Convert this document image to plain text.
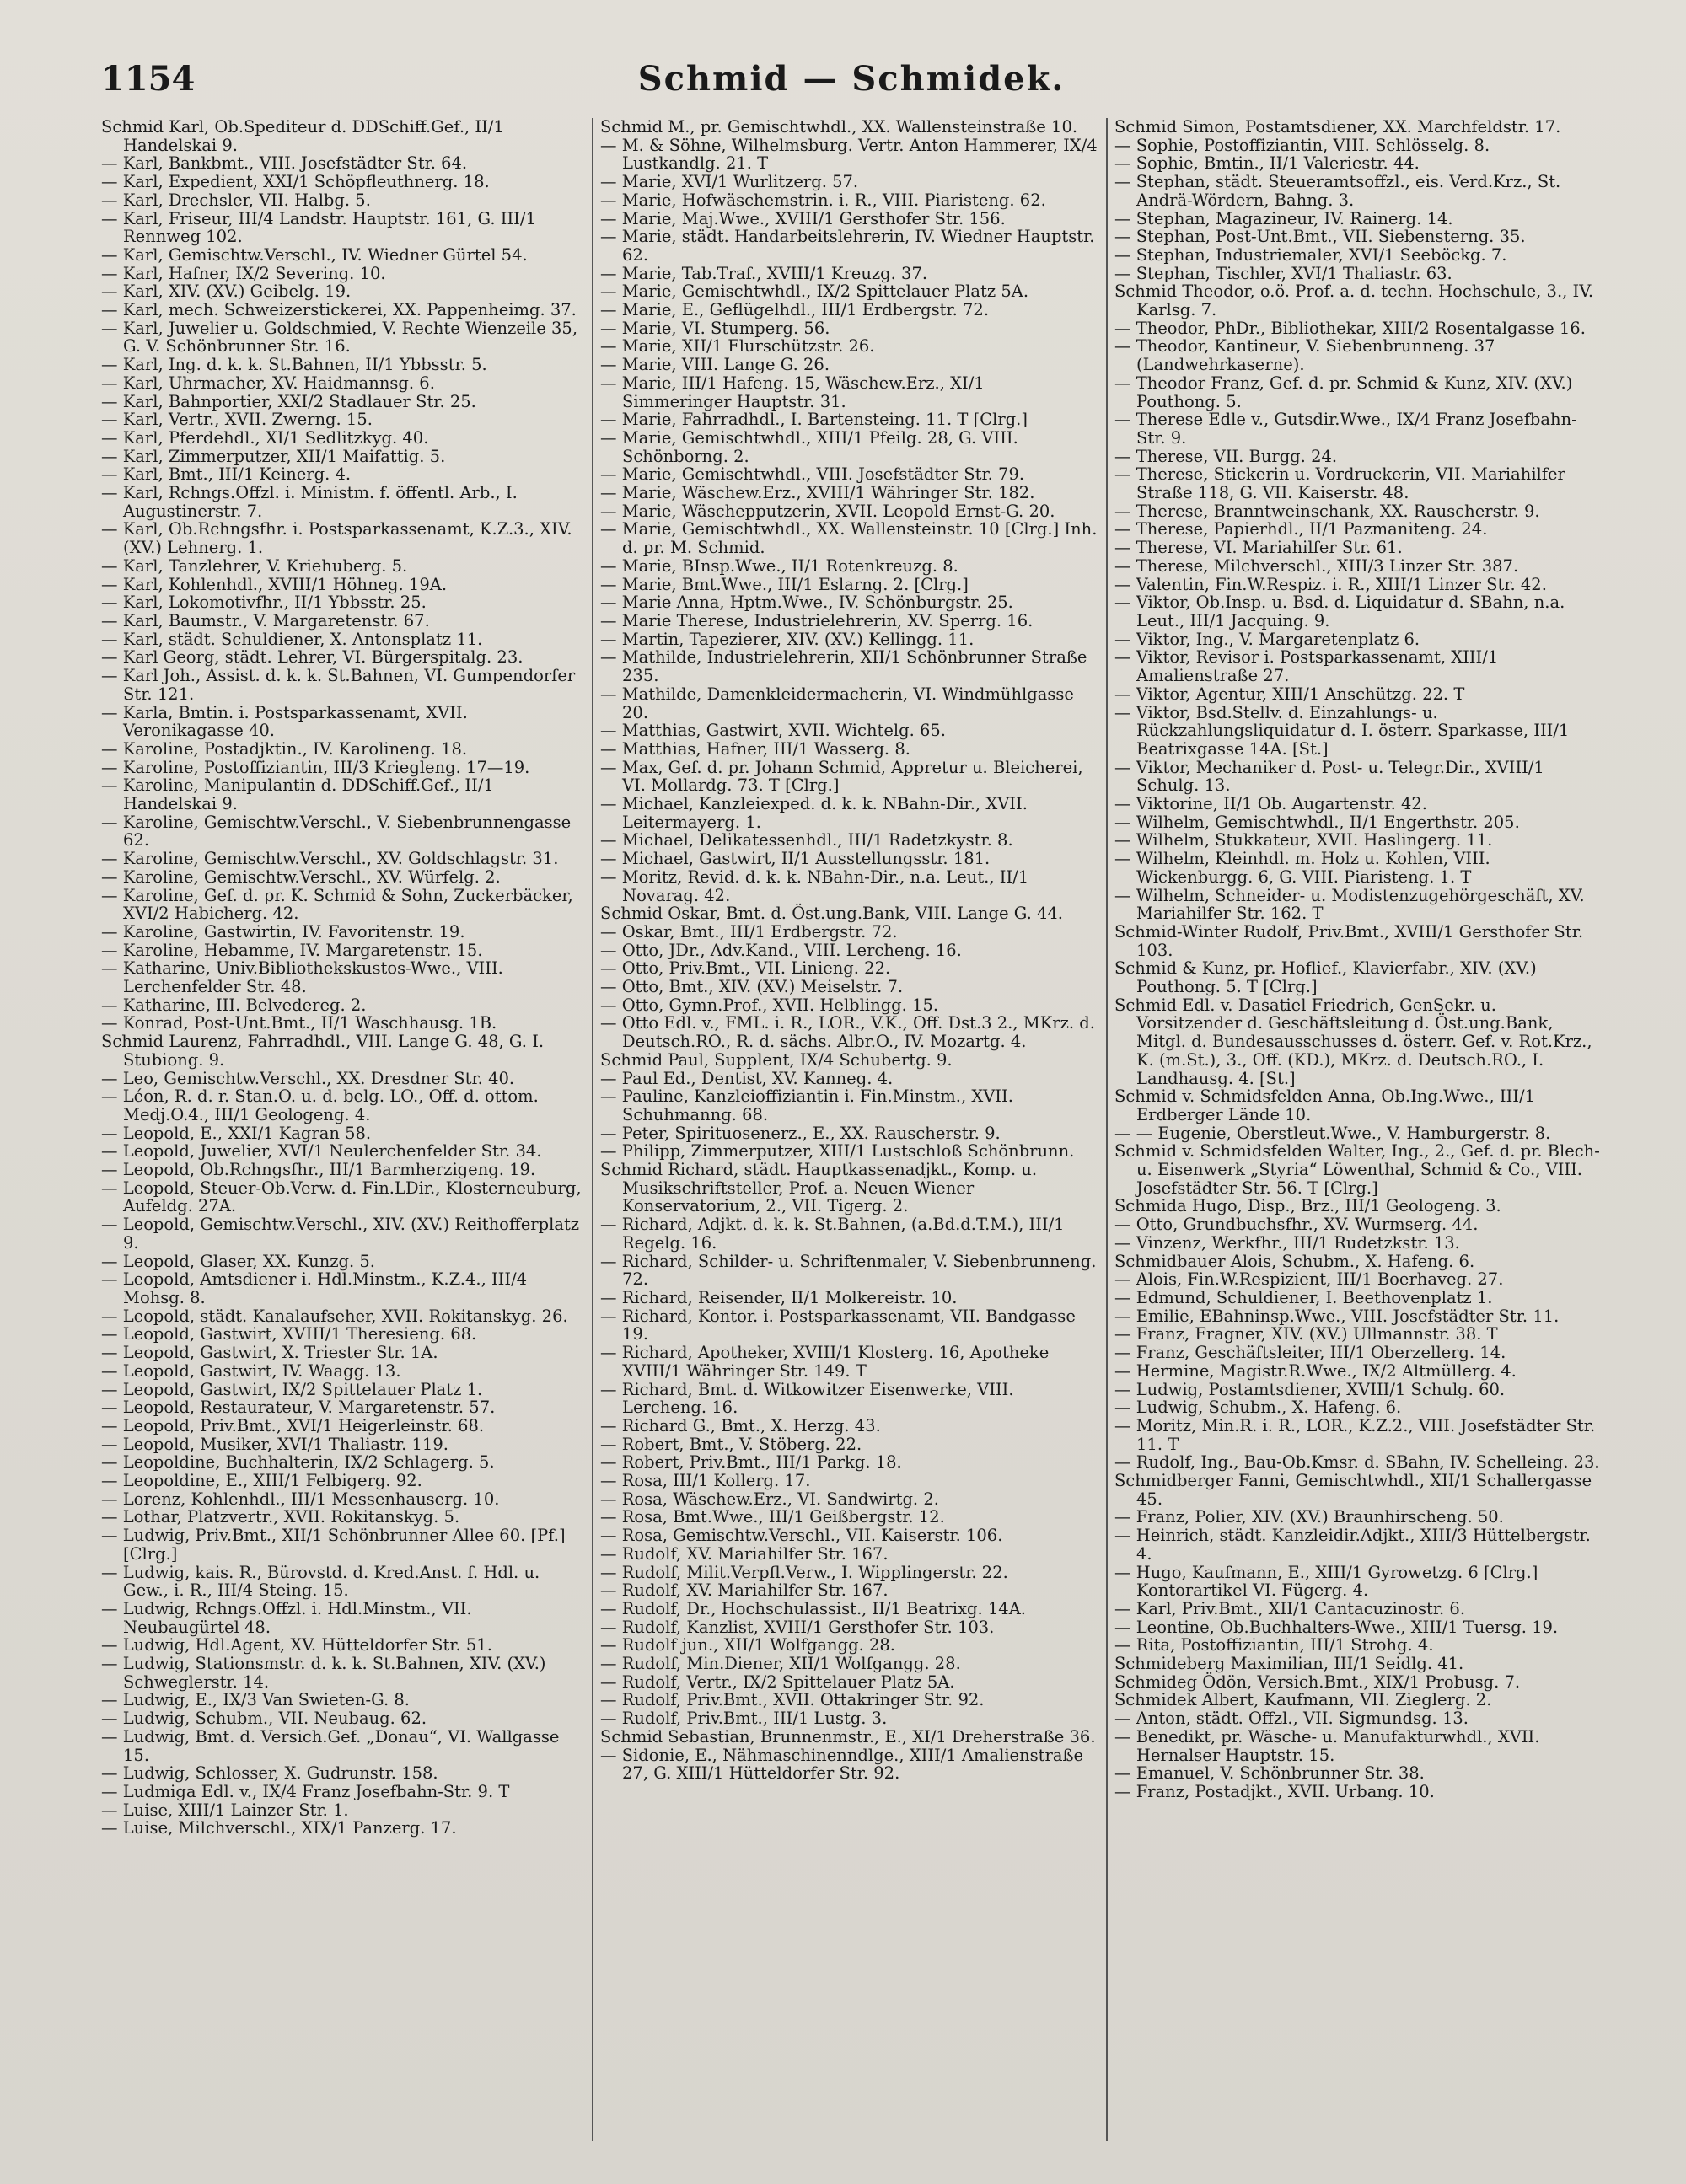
1154	Schmid — Schmidek.

Schmid Karl, Ob.Spediteur d. DDSchiff.Gef., II/1 Handelskai 9.

— Karl, Bankbmt., VIII. Josefstädter Str. 64.

— Karl, Expedient, XXI/1 Schöpfleuthnerg. 18.

— Karl, Drechsler, VII. Halbg. 5.

— Karl, Friseur, III/4 Landstr. Hauptstr. 161, G. III/1 Rennweg 102.

— Karl, Gemischtw.Verschl., IV. Wiedner Gürtel 54.

— Karl, Hafner, IX/2 Severing. 10.

— Karl, XIV. (XV.) Geibelg. 19.

— Karl, mech. Schweizerstickerei, XX. Pappenheimg. 37.

— Karl, Juwelier u. Goldschmied, V. Rechte Wienzeile 35, G. V. Schönbrunner Str. 16.

— Karl, Ing. d. k. k. St.Bahnen, II/1 Ybbsstr. 5.

— Karl, Uhrmacher, XV. Haidmannsg. 6.

— Karl, Bahnportier, XXI/2 Stadlauer Str. 25.

— Karl, Vertr., XVII. Zwerng. 15.

— Karl, Pferdehdl., XI/1 Sedlitzkyg. 40.

— Karl, Zimmerputzer, XII/1 Maifattig. 5.

— Karl, Bmt., III/1 Keinerg. 4.

— Karl, Rchngs.Offzl. i. Ministm. f. öffentl. Arb., I. Augustinerstr. 7.

— Karl, Ob.Rchngsfhr. i. Postsparkassenamt, K.Z.3., XIV. (XV.) Lehnerg. 1.

— Karl, Tanzlehrer, V. Kriehuberg. 5.

— Karl, Kohlenhdl., XVIII/1 Höhneg. 19A.

— Karl, Lokomotivfhr., II/1 Ybbsstr. 25.

— Karl, Baumstr., V. Margaretenstr. 67.

— Karl, städt. Schuldiener, X. Antonsplatz 11.

— Karl Georg, städt. Lehrer, VI. Bürgerspitalg. 23.

— Karl Joh., Assist. d. k. k. St.Bahnen, VI. Gumpendorfer Str. 121.

— Karla, Bmtin. i. Postsparkassenamt, XVII. Veronikagasse 40.

— Karoline, Postadjktin., IV. Karolineng. 18.

— Karoline, Postoffiziantin, III/3 Kriegleng. 17—19.

— Karoline, Manipulantin d. DDSchiff.Gef., II/1 Handelskai 9.

— Karoline, Gemischtw.Verschl., V. Siebenbrunnengasse 62.

— Karoline, Gemischtw.Verschl., XV. Goldschlagstr. 31.

— Karoline, Gemischtw.Verschl., XV. Würfelg. 2.

— Karoline, Gef. d. pr. K. Schmid & Sohn, Zuckerbäcker, XVI/2 Habicherg. 42.

— Karoline, Gastwirtin, IV. Favoritenstr. 19.

— Karoline, Hebamme, IV. Margaretenstr. 15.

— Katharine, Univ.Bibliothekskustos-Wwe., VIII. Lerchenfelder Str. 48.

— Katharine, III. Belvedereg. 2.

— Konrad, Post-Unt.Bmt., II/1 Waschhausg. 1B.

Schmid Laurenz, Fahrradhdl., VIII. Lange G. 48, G. I. Stubiong. 9.

— Leo, Gemischtw.Verschl., XX. Dresdner Str. 40.

— Léon, R. d. r. Stan.O. u. d. belg. LO., Off. d. ottom. Medj.O.4., III/1 Geologeng. 4.

— Leopold, E., XXI/1 Kagran 58.

— Leopold, Juwelier, XVI/1 Neulerchenfelder Str. 34.

— Leopold, Ob.Rchngsfhr., III/1 Barmherzigeng. 19.

— Leopold, Steuer-Ob.Verw. d. Fin.LDir., Klosterneuburg, Aufeldg. 27A.

— Leopold, Gemischtw.Verschl., XIV. (XV.) Reithofferplatz 9.

— Leopold, Glaser, XX. Kunzg. 5.

— Leopold, Amtsdiener i. Hdl.Minstm., K.Z.4., III/4 Mohsg. 8.

— Leopold, städt. Kanalaufseher, XVII. Rokitanskyg. 26.

— Leopold, Gastwirt, XVIII/1 Theresieng. 68.

— Leopold, Gastwirt, X. Triester Str. 1A.

— Leopold, Gastwirt, IV. Waagg. 13.

— Leopold, Gastwirt, IX/2 Spittelauer Platz 1.

— Leopold, Restaurateur, V. Margaretenstr. 57.

— Leopold, Priv.Bmt., XVI/1 Heigerleinstr. 68.

— Leopold, Musiker, XVI/1 Thaliastr. 119.

— Leopoldine, Buchhalterin, IX/2 Schlagerg. 5.

— Leopoldine, E., XIII/1 Felbigerg. 92.

— Lorenz, Kohlenhdl., III/1 Messenhauserg. 10.

— Lothar, Platzvertr., XVII. Rokitanskyg. 5.

— Ludwig, Priv.Bmt., XII/1 Schönbrunner Allee 60. [Pf.] [Clrg.]

— Ludwig, kais. R., Bürovstd. d. Kred.Anst. f. Hdl. u. Gew., i. R., III/4 Steing. 15.

— Ludwig, Rchngs.Offzl. i. Hdl.Minstm., VII. Neubaugürtel 48.

— Ludwig, Hdl.Agent, XV. Hütteldorfer Str. 51.

— Ludwig, Stationsmstr. d. k. k. St.Bahnen, XIV. (XV.) Schweglerstr. 14.

— Ludwig, E., IX/3 Van Swieten-G. 8.

— Ludwig, Schubm., VII. Neubaug. 62.

— Ludwig, Bmt. d. Versich.Gef. „Donau“, VI. Wallgasse 15.

— Ludwig, Schlosser, X. Gudrunstr. 158.

— Ludmiga Edl. v., IX/4 Franz Josefbahn-Str. 9. T

— Luise, XIII/1 Lainzer Str. 1.

— Luise, Milchverschl., XIX/1 Panzerg. 17.

Schmid M., pr. Gemischtwhdl., XX. Wallensteinstraße 10.

— M. & Söhne, Wilhelmsburg. Vertr. Anton Hammerer, IX/4 Lustkandlg. 21. T

— Marie, XVI/1 Wurlitzerg. 57.

— Marie, Hofwäschemstrin. i. R., VIII. Piaristeng. 62.

— Marie, Maj.Wwe., XVIII/1 Gersthofer Str. 156.

— Marie, städt. Handarbeitslehrerin, IV. Wiedner Hauptstr. 62.

— Marie, Tab.Traf., XVIII/1 Kreuzg. 37.

— Marie, Gemischtwhdl., IX/2 Spittelauer Platz 5A.

— Marie, E., Geflügelhdl., III/1 Erdbergstr. 72.

— Marie, VI. Stumperg. 56.

— Marie, XII/1 Flurschützstr. 26.

— Marie, VIII. Lange G. 26.

— Marie, III/1 Hafeng. 15, Wäschew.Erz., XI/1 Simmeringer Hauptstr. 31.

— Marie, Fahrradhdl., I. Bartensteing. 11. T [Clrg.]

— Marie, Gemischtwhdl., XIII/1 Pfeilg. 28, G. VIII. Schönborng. 2.

— Marie, Gemischtwhdl., VIII. Josefstädter Str. 79.

— Marie, Wäschew.Erz., XVIII/1 Währinger Str. 182.

— Marie, Wäschepputzerin, XVII. Leopold Ernst-G. 20.

— Marie, Gemischtwhdl., XX. Wallensteinstr. 10 [Clrg.] Inh. d. pr. M. Schmid.

— Marie, BInsp.Wwe., II/1 Rotenkreuzg. 8.

— Marie, Bmt.Wwe., III/1 Eslarng. 2. [Clrg.]

— Marie Anna, Hptm.Wwe., IV. Schönburgstr. 25.

— Marie Therese, Industrielehrerin, XV. Sperrg. 16.

— Martin, Tapezierer, XIV. (XV.) Kellingg. 11.

— Mathilde, Industrielehrerin, XII/1 Schönbrunner Straße 235.

— Mathilde, Damenkleidermacherin, VI. Windmühlgasse 20.

— Matthias, Gastwirt, XVII. Wichtelg. 65.

— Matthias, Hafner, III/1 Wasserg. 8.

— Max, Gef. d. pr. Johann Schmid, Appretur u. Bleicherei, VI. Mollardg. 73. T [Clrg.]

— Michael, Kanzleiexped. d. k. k. NBahn-Dir., XVII. Leitermayerg. 1.

— Michael, Delikatessenhdl., III/1 Radetzkystr. 8.

— Michael, Gastwirt, II/1 Ausstellungsstr. 181.

— Moritz, Revid. d. k. k. NBahn-Dir., n.a. Leut., II/1 Novarag. 42.

Schmid Oskar, Bmt. d. Öst.ung.Bank, VIII. Lange G. 44.

— Oskar, Bmt., III/1 Erdbergstr. 72.

— Otto, JDr., Adv.Kand., VIII. Lercheng. 16.

— Otto, Priv.Bmt., VII. Linieng. 22.

— Otto, Bmt., XIV. (XV.) Meiselstr. 7.

— Otto, Gymn.Prof., XVII. Helblingg. 15.

— Otto Edl. v., FML. i. R., LOR., V.K., Off. Dst.3 2., MKrz. d. Deutsch.RO., R. d. sächs. Albr.O., IV. Mozartg. 4.

Schmid Paul, Supplent, IX/4 Schubertg. 9.

— Paul Ed., Dentist, XV. Kanneg. 4.

— Pauline, Kanzleioffiziantin i. Fin.Minstm., XVII. Schuhmanng. 68.

— Peter, Spirituosenerz., E., XX. Rauscherstr. 9.

— Philipp, Zimmerputzer, XIII/1 Lustschloß Schönbrunn.

Schmid Richard, städt. Hauptkassenadjkt., Komp. u. Musikschriftsteller, Prof. a. Neuen Wiener Konservatorium, 2., VII. Tigerg. 2.

— Richard, Adjkt. d. k. k. St.Bahnen, (a.Bd.d.T.M.), III/1 Regelg. 16.

— Richard, Schilder- u. Schriftenmaler, V. Siebenbrunneng. 72.

— Richard, Reisender, II/1 Molkereistr. 10.

— Richard, Kontor. i. Postsparkassenamt, VII. Bandgasse 19.

— Richard, Apotheker, XVIII/1 Klosterg. 16, Apotheke XVIII/1 Währinger Str. 149. T

— Richard, Bmt. d. Witkowitzer Eisenwerke, VIII. Lercheng. 16.

— Richard G., Bmt., X. Herzg. 43.

— Robert, Bmt., V. Stöberg. 22.

— Robert, Priv.Bmt., III/1 Parkg. 18.

— Rosa, III/1 Kollerg. 17.

— Rosa, Wäschew.Erz., VI. Sandwirtg. 2.

— Rosa, Bmt.Wwe., III/1 Geißbergstr. 12.

— Rosa, Gemischtw.Verschl., VII. Kaiserstr. 106.

— Rudolf, XV. Mariahilfer Str. 167.

— Rudolf, Milit.Verpfl.Verw., I. Wipplingerstr. 22.

— Rudolf, XV. Mariahilfer Str. 167.

— Rudolf, Dr., Hochschulassist., II/1 Beatrixg. 14A.

— Rudolf, Kanzlist, XVIII/1 Gersthofer Str. 103.

— Rudolf jun., XII/1 Wolfgangg. 28.

— Rudolf, Min.Diener, XII/1 Wolfgangg. 28.

— Rudolf, Vertr., IX/2 Spittelauer Platz 5A.

— Rudolf, Priv.Bmt., XVII. Ottakringer Str. 92.

— Rudolf, Priv.Bmt., III/1 Lustg. 3.

Schmid Sebastian, Brunnenmstr., E., XI/1 Dreherstraße 36.

— Sidonie, E., Nähmaschinenndlge., XIII/1 Amalienstraße 27, G. XIII/1 Hütteldorfer Str. 92.

Schmid Simon, Postamtsdiener, XX. Marchfeldstr. 17.

— Sophie, Postoffiziantin, VIII. Schlösselg. 8.

— Sophie, Bmtin., II/1 Valeriestr. 44.

— Stephan, städt. Steueramtsoffzl., eis. Verd.Krz., St. Andrä-Wördern, Bahng. 3.

— Stephan, Magazineur, IV. Rainerg. 14.

— Stephan, Post-Unt.Bmt., VII. Siebensterng. 35.

— Stephan, Industriemaler, XVI/1 Seeböckg. 7.

— Stephan, Tischler, XVI/1 Thaliastr. 63.

Schmid Theodor, o.ö. Prof. a. d. techn. Hochschule, 3., IV. Karlsg. 7.

— Theodor, PhDr., Bibliothekar, XIII/2 Rosentalgasse 16.

— Theodor, Kantineur, V. Siebenbrunneng. 37 (Landwehrkaserne).

— Theodor Franz, Gef. d. pr. Schmid & Kunz, XIV. (XV.) Pouthong. 5.

— Therese Edle v., Gutsdir.Wwe., IX/4 Franz Josefbahn-Str. 9.

— Therese, VII. Burgg. 24.

— Therese, Stickerin u. Vordruckerin, VII. Mariahilfer Straße 118, G. VII. Kaiserstr. 48.

— Therese, Branntweinschank, XX. Rauscherstr. 9.

— Therese, Papierhdl., II/1 Pazmaniteng. 24.

— Therese, VI. Mariahilfer Str. 61.

— Therese, Milchverschl., XIII/3 Linzer Str. 387.

— Valentin, Fin.W.Respiz. i. R., XIII/1 Linzer Str. 42.

— Viktor, Ob.Insp. u. Bsd. d. Liquidatur d. SBahn, n.a. Leut., III/1 Jacquing. 9.

— Viktor, Ing., V. Margaretenplatz 6.

— Viktor, Revisor i. Postsparkassenamt, XIII/1 Amalienstraße 27.

— Viktor, Agentur, XIII/1 Anschützg. 22. T

— Viktor, Bsd.Stellv. d. Einzahlungs- u. Rückzahlungsliquidatur d. I. österr. Sparkasse, III/1 Beatrixgasse 14A. [St.]

— Viktor, Mechaniker d. Post- u. Telegr.Dir., XVIII/1 Schulg. 13.

— Viktorine, II/1 Ob. Augartenstr. 42.

— Wilhelm, Gemischtwhdl., II/1 Engerthstr. 205.

— Wilhelm, Stukkateur, XVII. Haslingerg. 11.

— Wilhelm, Kleinhdl. m. Holz u. Kohlen, VIII. Wickenburgg. 6, G. VIII. Piaristeng. 1. T

— Wilhelm, Schneider- u. Modistenzugehörgeschäft, XV. Mariahilfer Str. 162. T

Schmid-Winter Rudolf, Priv.Bmt., XVIII/1 Gersthofer Str. 103.

Schmid & Kunz, pr. Hoflief., Klavierfabr., XIV. (XV.) Pouthong. 5. T [Clrg.]

Schmid Edl. v. Dasatiel Friedrich, GenSekr. u. Vorsitzender d. Geschäftsleitung d. Öst.ung.Bank, Mitgl. d. Bundesausschusses d. österr. Gef. v. Rot.Krz., K. (m.St.), 3., Off. (KD.), MKrz. d. Deutsch.RO., I. Landhausg. 4. [St.]

Schmid v. Schmidsfelden Anna, Ob.Ing.Wwe., III/1 Erdberger Lände 10.

— — Eugenie, Oberstleut.Wwe., V. Hamburgerstr. 8.

Schmid v. Schmidsfelden Walter, Ing., 2., Gef. d. pr. Blech- u. Eisenwerk „Styria“ Löwenthal, Schmid & Co., VIII. Josefstädter Str. 56. T [Clrg.]

Schmida Hugo, Disp., Brz., III/1 Geologeng. 3.

— Otto, Grundbuchsfhr., XV. Wurmserg. 44.

— Vinzenz, Werkfhr., III/1 Rudetzkstr. 13.

Schmidbauer Alois, Schubm., X. Hafeng. 6.

— Alois, Fin.W.Respizient, III/1 Boerhaveg. 27.

— Edmund, Schuldiener, I. Beethovenplatz 1.

— Emilie, EBahninsp.Wwe., VIII. Josefstädter Str. 11.

— Franz, Fragner, XIV. (XV.) Ullmannstr. 38. T

— Franz, Geschäftsleiter, III/1 Oberzellerg. 14.

— Hermine, Magistr.R.Wwe., IX/2 Altmüllerg. 4.

— Ludwig, Postamtsdiener, XVIII/1 Schulg. 60.

— Ludwig, Schubm., X. Hafeng. 6.

— Moritz, Min.R. i. R., LOR., K.Z.2., VIII. Josefstädter Str. 11. T

— Rudolf, Ing., Bau-Ob.Kmsr. d. SBahn, IV. Schelleing. 23.

Schmidberger Fanni, Gemischtwhdl., XII/1 Schallergasse 45.

— Franz, Polier, XIV. (XV.) Braunhirscheng. 50.

— Heinrich, städt. Kanzleidir.Adjkt., XIII/3 Hüttelbergstr. 4.

— Hugo, Kaufmann, E., XIII/1 Gyrowetzg. 6 [Clrg.] Kontorartikel VI. Fügerg. 4.

— Karl, Priv.Bmt., XII/1 Cantacuzinostr. 6.

— Leontine, Ob.Buchhalters-Wwe., XIII/1 Tuersg. 19.

— Rita, Postoffiziantin, III/1 Strohg. 4.

Schmideberg Maximilian, III/1 Seidlg. 41.

Schmideg Ödön, Versich.Bmt., XIX/1 Probusg. 7.

Schmidek Albert, Kaufmann, VII. Zieglerg. 2.

— Anton, städt. Offzl., VII. Sigmundsg. 13.

— Benedikt, pr. Wäsche- u. Manufakturwhdl., XVII. Hernalser Hauptstr. 15.

— Emanuel, V. Schönbrunner Str. 38.

— Franz, Postadjkt., XVII. Urbang. 10.
